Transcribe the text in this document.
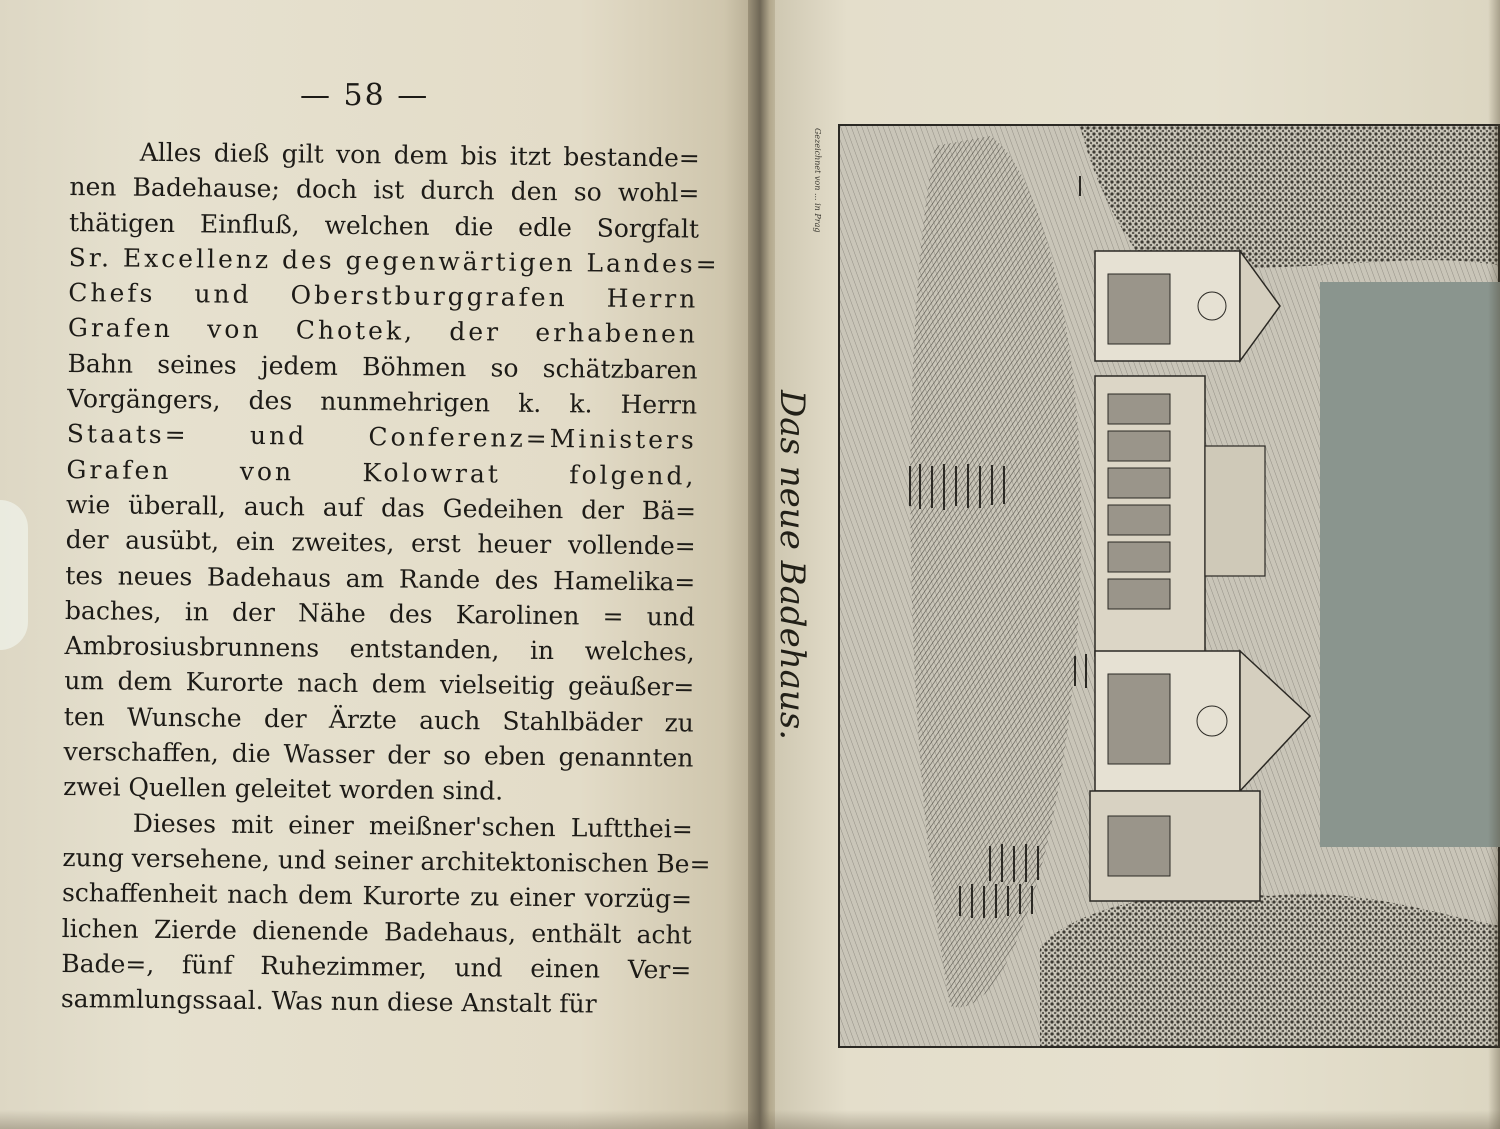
— 58 —
Alles dieß gilt von dem bis itzt bestande=
nen Badehause; doch ist durch den so wohl=
thätigen Einfluß, welchen die edle Sorgfalt
Sr. Excellenz des gegenwärtigen Landes=
Chefs und Oberstburggrafen Herrn
Grafen von Chotek, der erhabenen
Bahn seines jedem Böhmen so schätzbaren
Vorgängers, des nunmehrigen k. k. Herrn
Staats= und Conferenz=Ministers
Grafen von Kolowrat folgend,
wie überall, auch auf das Gedeihen der Bä=
der ausübt, ein zweites, erst heuer vollende=
tes neues Badehaus am Rande des Hamelika=
baches, in der Nähe des Karolinen = und
Ambrosiusbrunnens entstanden, in welches,
um dem Kurorte nach dem vielseitig geäußer=
ten Wunsche der Ärzte auch Stahlbäder zu
verschaffen, die Wasser der so eben genannten
zwei Quellen geleitet worden sind.
Dieses mit einer meißner'schen Luftthei=
zung versehene, und seiner architektonischen Be=
schaffenheit nach dem Kurorte zu einer vorzüg=
lichen Zierde dienende Badehaus, enthält acht
Bade=, fünf Ruhezimmer, und einen Ver=
sammlungssaal. Was nun diese Anstalt für
Gezeichnet von ... in Prag
Das neue Badehaus.
